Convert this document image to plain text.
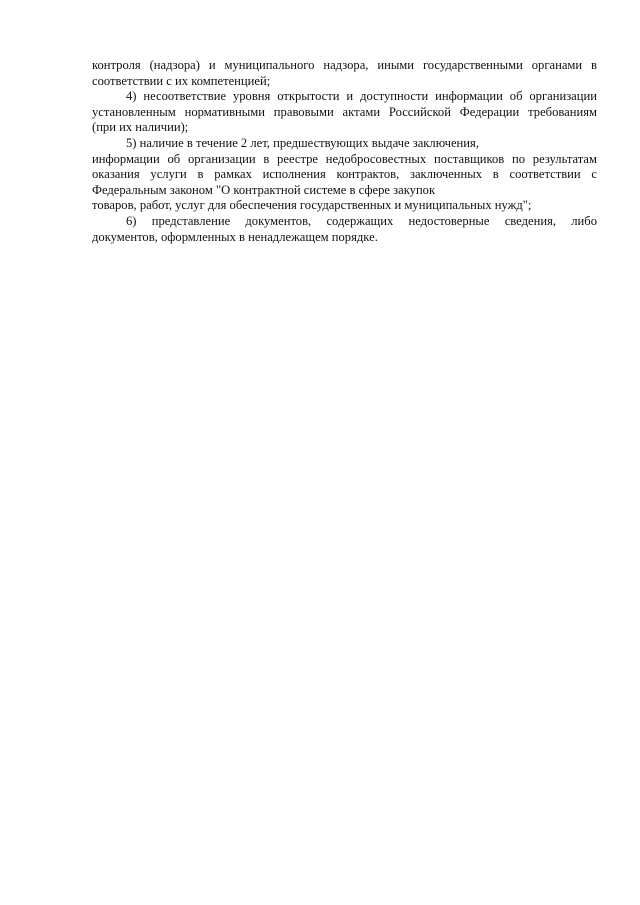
контроля (надзора) и муниципального надзора, иными государственными органами в
соответствии с их компетенцией;
4) несоответствие уровня открытости и доступности информации об организации
установленным нормативными правовыми актами Российской Федерации требованиям
(при их наличии);
5) наличие в течение 2 лет, предшествующих выдаче заключения,
информации об организации в реестре недобросовестных поставщиков по результатам
оказания услуги в рамках исполнения контрактов, заключенных в соответствии с
Федеральным законом "О контрактной системе в сфере закупок
товаров, работ, услуг для обеспечения государственных и муниципальных нужд";
6) представление документов, содержащих недостоверные сведения, либо
документов, оформленных в ненадлежащем порядке.
